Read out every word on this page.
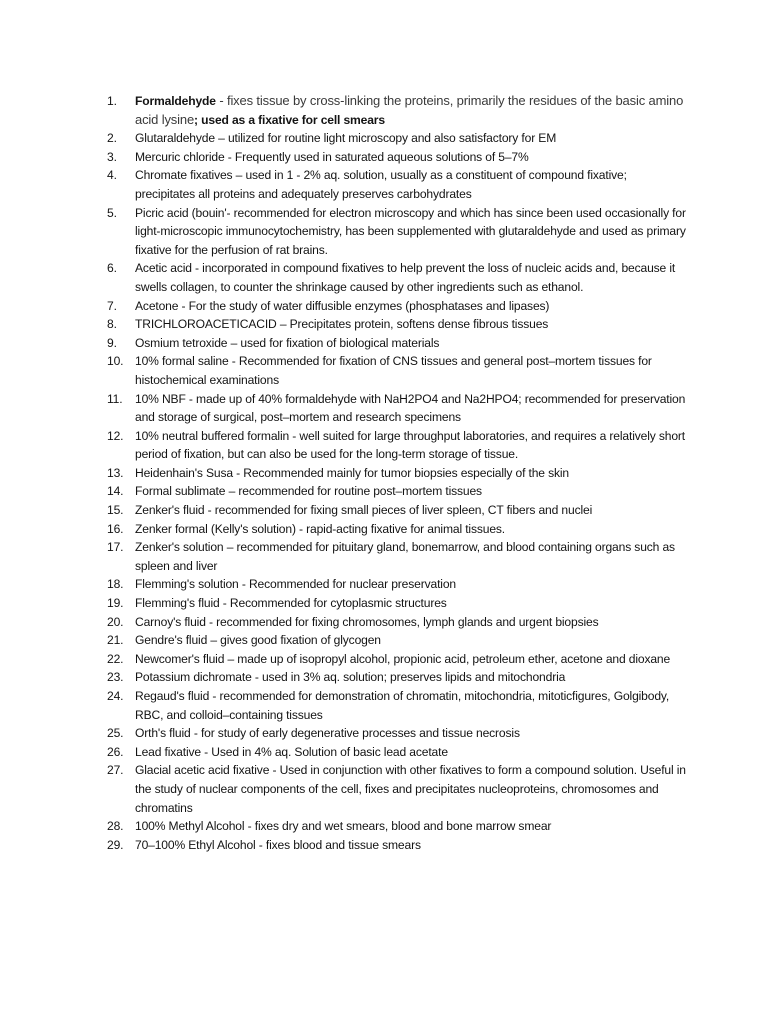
1.	Formaldehyde - fixes tissue by cross-linking the proteins, primarily the residues of the basic amino acid lysine; used as a fixative for cell smears
2.	Glutaraldehyde – utilized for routine light microscopy and also satisfactory for EM
3.	Mercuric chloride - Frequently used in saturated aqueous solutions of 5–7%
4.	Chromate fixatives – used in 1 - 2% aq. solution, usually as a constituent of compound fixative; precipitates all proteins and adequately preserves carbohydrates
5.	Picric acid (bouin'- recommended for electron microscopy and which has since been used occasionally for light-microscopic immunocytochemistry, has been supplemented with glutaraldehyde and used as primary fixative for the perfusion of rat brains.
6.	Acetic acid - incorporated in compound fixatives to help prevent the loss of nucleic acids and, because it swells collagen, to counter the shrinkage caused by other ingredients such as ethanol.
7.	Acetone - For the study of water diffusible enzymes (phosphatases and lipases)
8.	TRICHLOROACETICACID – Precipitates protein, softens dense fibrous tissues
9.	Osmium tetroxide – used for fixation of biological materials
10. 10% formal saline - Recommended for fixation of CNS tissues and general post–mortem tissues for histochemical examinations
11.	10% NBF - made up of 40% formaldehyde with NaH2PO4 and Na2HPO4; recommended for preservation and storage of surgical, post–mortem and research specimens
12. 10% neutral buffered formalin - well suited for large throughput laboratories, and requires a relatively short period of fixation, but can also be used for the long-term storage of tissue.
13. Heidenhain's Susa - Recommended mainly for tumor biopsies especially of the skin
14. Formal sublimate – recommended for routine post–mortem tissues
15. Zenker's fluid - recommended for fixing small pieces of liver spleen, CT fibers and nuclei
16. Zenker formal (Kelly's solution) - rapid-acting fixative for animal tissues.
17. Zenker's solution – recommended for pituitary gland, bonemarrow, and blood containing organs such as spleen and liver
18. Flemming's solution - Recommended for nuclear preservation
19. Flemming's fluid - Recommended for cytoplasmic structures
20. Carnoy's fluid - recommended for fixing chromosomes, lymph glands and urgent biopsies
21. Gendre's fluid – gives good fixation of glycogen
22. Newcomer's fluid – made up of isopropyl alcohol, propionic acid, petroleum ether, acetone and dioxane
23. Potassium dichromate - used in 3% aq. solution; preserves lipids and mitochondria
24. Regaud's fluid - recommended for demonstration of chromatin, mitochondria, mitoticfigures, Golgibody, RBC, and colloid–containing tissues
25. Orth's fluid - for study of early degenerative processes and tissue necrosis
26. Lead fixative - Used in 4% aq. Solution of basic lead acetate
27. Glacial acetic acid fixative - Used in conjunction with other fixatives to form a compound solution. Useful in the study of nuclear components of the cell, fixes and precipitates nucleoproteins, chromosomes and chromatins
28. 100% Methyl Alcohol - fixes dry and wet smears, blood and bone marrow smear
29. 70–100% Ethyl Alcohol - fixes blood and tissue smears
